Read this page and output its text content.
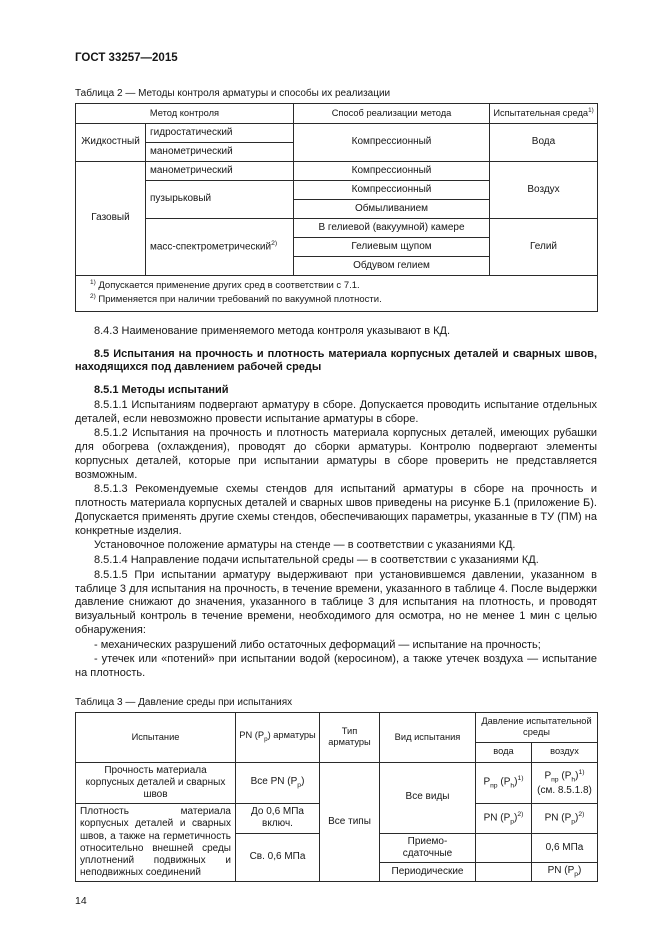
ГОСТ 33257—2015
Таблица 2 — Методы контроля арматуры и способы их реализации
Метод контроля		Способ реализации метода	Испытательная среда$^{1)}$
Жидкостный	гидростатический	Компрессионный	Вода
	манометрический		
Газовый	манометрический	Компрессионный	Воздух
	пузырьковый	Компрессионный	
		Обмыливанием	
	масс-спектрометрический$^{2)}$	В гелиевой (вакуумной) камере	Гелий
		Гелиевым щупом	
		Обдувом гелием	

$^{1)}$ Допускается применение других сред в соответствии с 7.1.
$^{2)}$ Применяется при наличии требований по вакуумной плотности.			

8.4.3 Наименование применяемого метода контроля указывают в КД.

8.5 Испытания на прочность и плотность материала корпусных деталей и сварных швов, находящихся под давлением рабочей среды

8.5.1 Методы испытаний

8.5.1.1 Испытаниям подвергают арматуру в сборе. Допускается проводить испытание отдельных деталей, если невозможно провести испытание арматуры в сборе.

8.5.1.2 Испытания на прочность и плотность материала корпусных деталей, имеющих рубашки для обогрева (охлаждения), проводят до сборки арматуры. Контролю подвергают элементы корпусных деталей, которые при испытании арматуры в сборе проверить не представляется возможным.

8.5.1.3 Рекомендуемые схемы стендов для испытаний арматуры в сборе на прочность и плотность материала корпусных деталей и сварных швов приведены на рисунке Б.1 (приложение Б). Допускается применять другие схемы стендов, обеспечивающих параметры, указанные в ТУ (ПМ) на конкретные изделия.

Установочное положение арматуры на стенде — в соответствии с указаниями КД.

8.5.1.4 Направление подачи испытательной среды — в соответствии с указаниями КД.

8.5.1.5 При испытании арматуру выдерживают при установившемся давлении, указанном в таблице 3 для испытания на прочность, в течение времени, указанного в таблице 4. После выдержки давление снижают до значения, указанного в таблице 3 для испытания на плотность, и проводят визуальный контроль в течение времени, необходимого для осмотра, но не менее 1 мин с целью обнаружения:

- механических разрушений либо остаточных деформаций — испытание на прочность;

- утечек или «потений» при испытании водой (керосином), а также утечек воздуха — испытание на плотность.

Таблица 3 — Давление среды при испытаниях
Испытание	PN $(P_р)$ арматуры	Тип арматуры	Вид испытания	Давление испытательной среды	
				вода	воздух
Прочность материала корпусных деталей и сварных швов	Все PN $(P_р)$	Все типы	Все виды	$P_{пр}$ $(P_h)^{1)}$	$P_{пр}$ $(P_h)^{1)}$ (см. 8.5.1.8)
Плотность материала корпусных деталей и сварных швов, а также на герметичность относительно внешней среды уплотнений подвижных и неподвижных соединений	До 0,6 МПа включ.			PN $(P_р)^{2)}$	PN $(P_р)^{2)}$
	Св. 0,6 МПа		Приемо-сдаточные		0,6 МПа
			Периодические		PN $(P_р)$
14
